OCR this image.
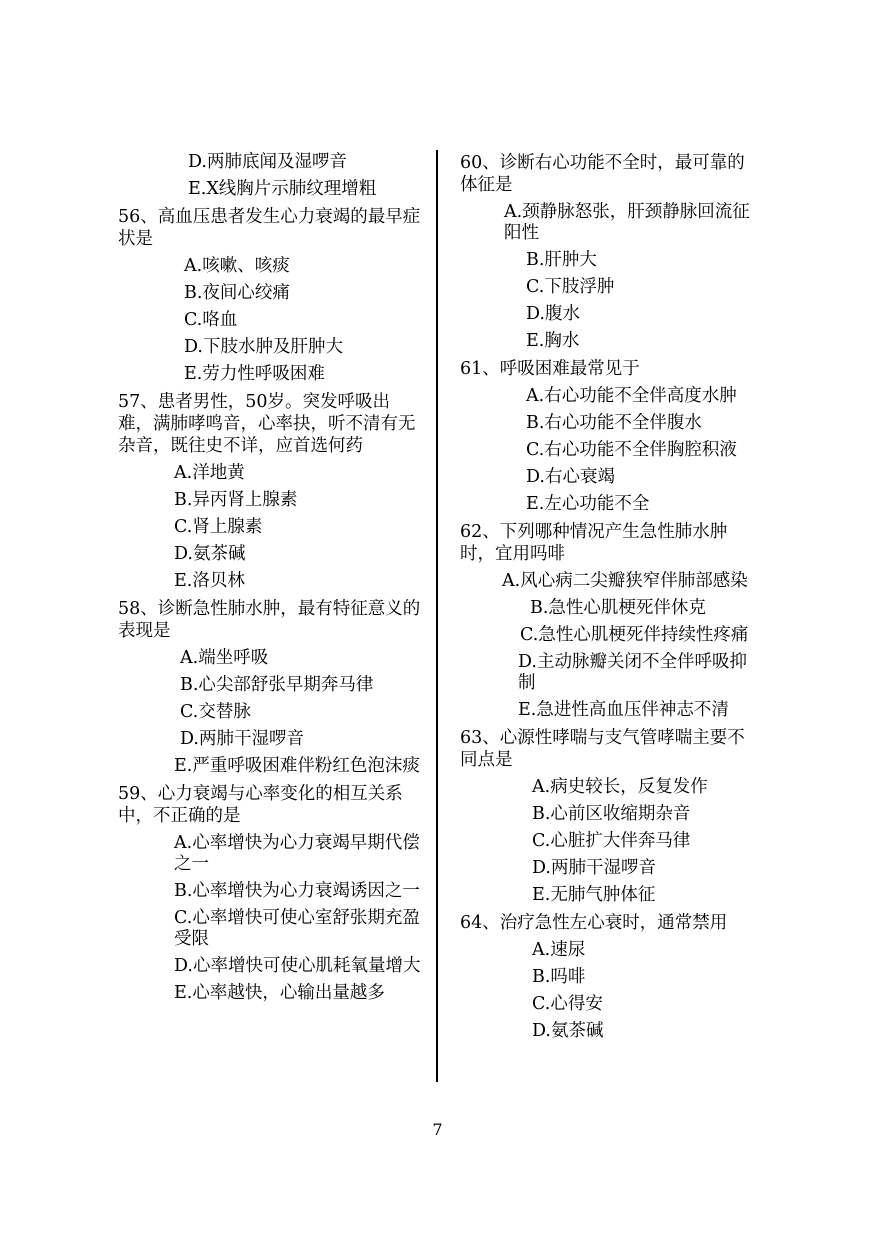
D.两肺底闻及湿啰音
E.X线胸片示肺纹理增粗
56、高血压患者发生心力衰竭的最早症状是
A.咳嗽、咳痰
B.夜间心绞痛
C.咯血
D.下肢水肿及肝肿大
E.劳力性呼吸困难
57、患者男性，50岁。突发呼吸出难，满肺哮鸣音，心率抉，听不清有无杂音，既往史不详，应首选何药
A.洋地黄
B.异丙肾上腺素
C.肾上腺素
D.氨茶碱
E.洛贝林
58、诊断急性肺水肿，最有特征意义的表现是
A.端坐呼吸
B.心尖部舒张早期奔马律
C.交替脉
D.两肺干湿啰音
E.严重呼吸困难伴粉红色泡沫痰
59、心力衰竭与心率变化的相互关系中，不正确的是
A.心率增快为心力衰竭早期代偿之一
B.心率增快为心力衰竭诱因之一
C.心率增快可使心室舒张期充盈受限
D.心率增快可使心肌耗氧量增大
E.心率越快，心输出量越多
60、诊断右心功能不全时，最可靠的体征是
A.颈静脉怒张，肝颈静脉回流征阳性
B.肝肿大
C.下肢浮肿
D.腹水
E.胸水
61、呼吸困难最常见于
A.右心功能不全伴高度水肿
B.右心功能不全伴腹水
C.右心功能不全伴胸腔积液
D.右心衰竭
E.左心功能不全
62、下列哪种情况产生急性肺水肿时，宜用吗啡
A.风心病二尖瓣狭窄伴肺部感染
B.急性心肌梗死伴休克
C.急性心肌梗死伴持续性疼痛
D.主动脉瓣关闭不全伴呼吸抑制
E.急进性高血压伴神志不清
63、心源性哮喘与支气管哮喘主要不同点是
A.病史较长，反复发作
B.心前区收缩期杂音
C.心脏扩大伴奔马律
D.两肺干湿啰音
E.无肺气肿体征
64、治疗急性左心衰时，通常禁用
A.速尿
B.吗啡
C.心得安
D.氨茶碱
7
